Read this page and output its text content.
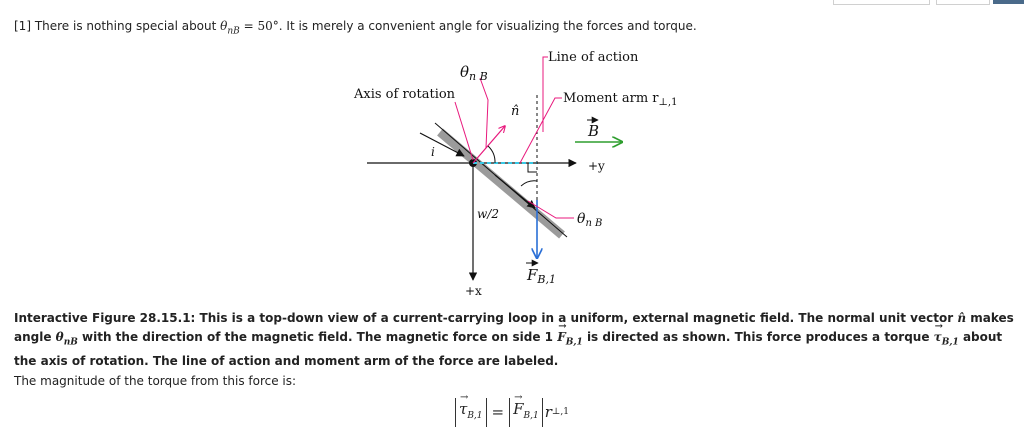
[1] There is nothing special about $\theta_{nB} = 50^\circ$. It is merely a convenient angle for visualizing the forces and torque.
$\theta_{n B}$
Axis of rotation
Line of action
Moment arm $r_{\perp,1}$
n̂
B
+y
i
w/2	$\theta_{n B}$
$F_{B,1}$
+x
Interactive Figure 28.15.1: This is a top-down view of a current-carrying loop in a uniform, external magnetic field. The normal unit vector n̂ makes angle $\theta_{nB}$ with the direction of the magnetic field. The magnetic force on side $1 \to F_{B,1}$ is directed as shown. This force produces a torque → $\tau_{B,1}$ about the axis of rotation. The line of action and moment arm of the force are labeled.
The magnitude of the torque from this force is:
→ $\tau_{B,1}$ =
→ $F_{B,1}$ r ⊥,1
